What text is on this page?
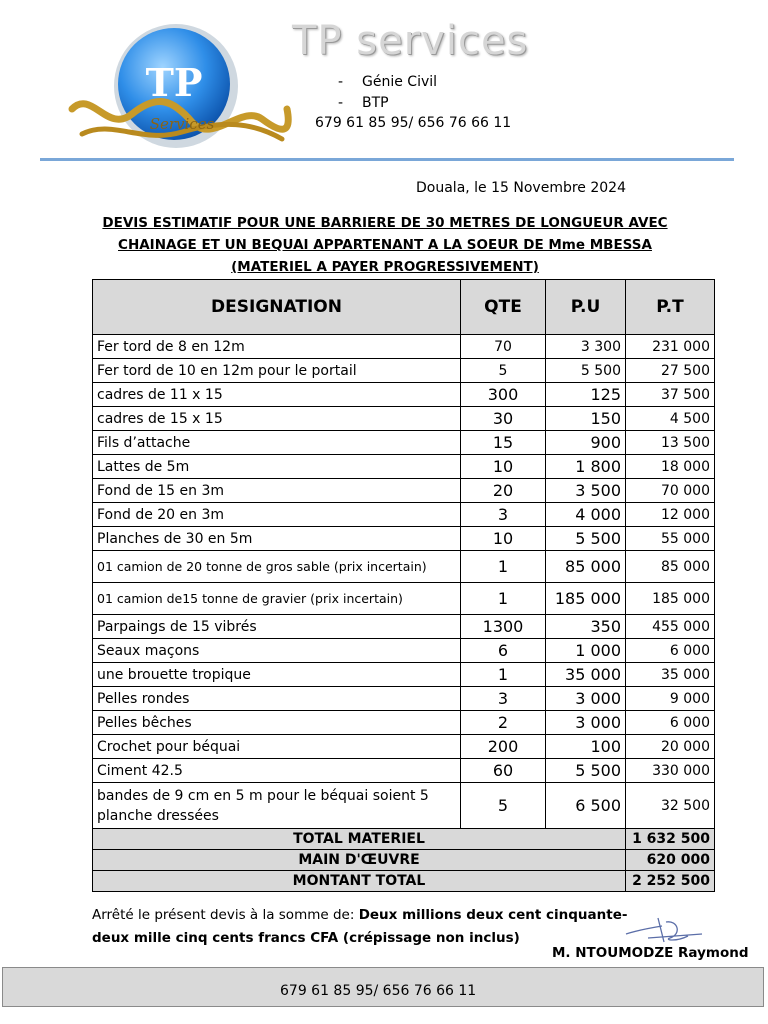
TP
Services
TP services
- Génie Civil
- BTP
679 61 85 95/ 656 76 66 11
Douala, le 15 Novembre 2024
DEVIS ESTIMATIF POUR UNE BARRIERE DE 30 METRES DE LONGUEUR AVEC
CHAINAGE ET UN BEQUAI APPARTENANT A LA SOEUR DE Mme MBESSA
(MATERIEL A PAYER PROGRESSIVEMENT)
DESIGNATION	QTE	P.U	P.T
Fer tord de 8 en 12m	70	3 300	231 000
Fer tord de 10 en 12m pour le portail	5	5 500	27 500
cadres de 11 x 15	300	125	37 500
cadres de 15 x 15	30	150	4 500
Fils d’attache	15	900	13 500
Lattes de 5m	10	1 800	18 000
Fond de 15 en 3m	20	3 500	70 000
Fond de 20 en 3m	3	4 000	12 000
Planches de 30 en 5m	10	5 500	55 000
01 camion de 20 tonne de gros sable (prix incertain)	1	85 000	85 000
01 camion de15 tonne de gravier (prix incertain)	1	185 000	185 000
Parpaings de 15 vibrés	1300	350	455 000
Seaux maçons	6	1 000	6 000
une brouette tropique	1	35 000	35 000
Pelles rondes	3	3 000	9 000
Pelles bêches	2	3 000	6 000
Crochet pour béquai	200	100	20 000
Ciment 42.5	60	5 500	330 000
bandes de 9 cm en 5 m pour le béquai soient 5 planche dressées	5	6 500	32 500
TOTAL MATERIEL			1 632 500
MAIN D'ŒUVRE			620 000
MONTANT TOTAL			2 252 500
Arrêté le présent devis à la somme de: Deux millions deux cent cinquante-deux mille cinq cents francs CFA (crépissage non inclus)
M. NTOUMODZE Raymond
679 61 85 95/ 656 76 66 11
